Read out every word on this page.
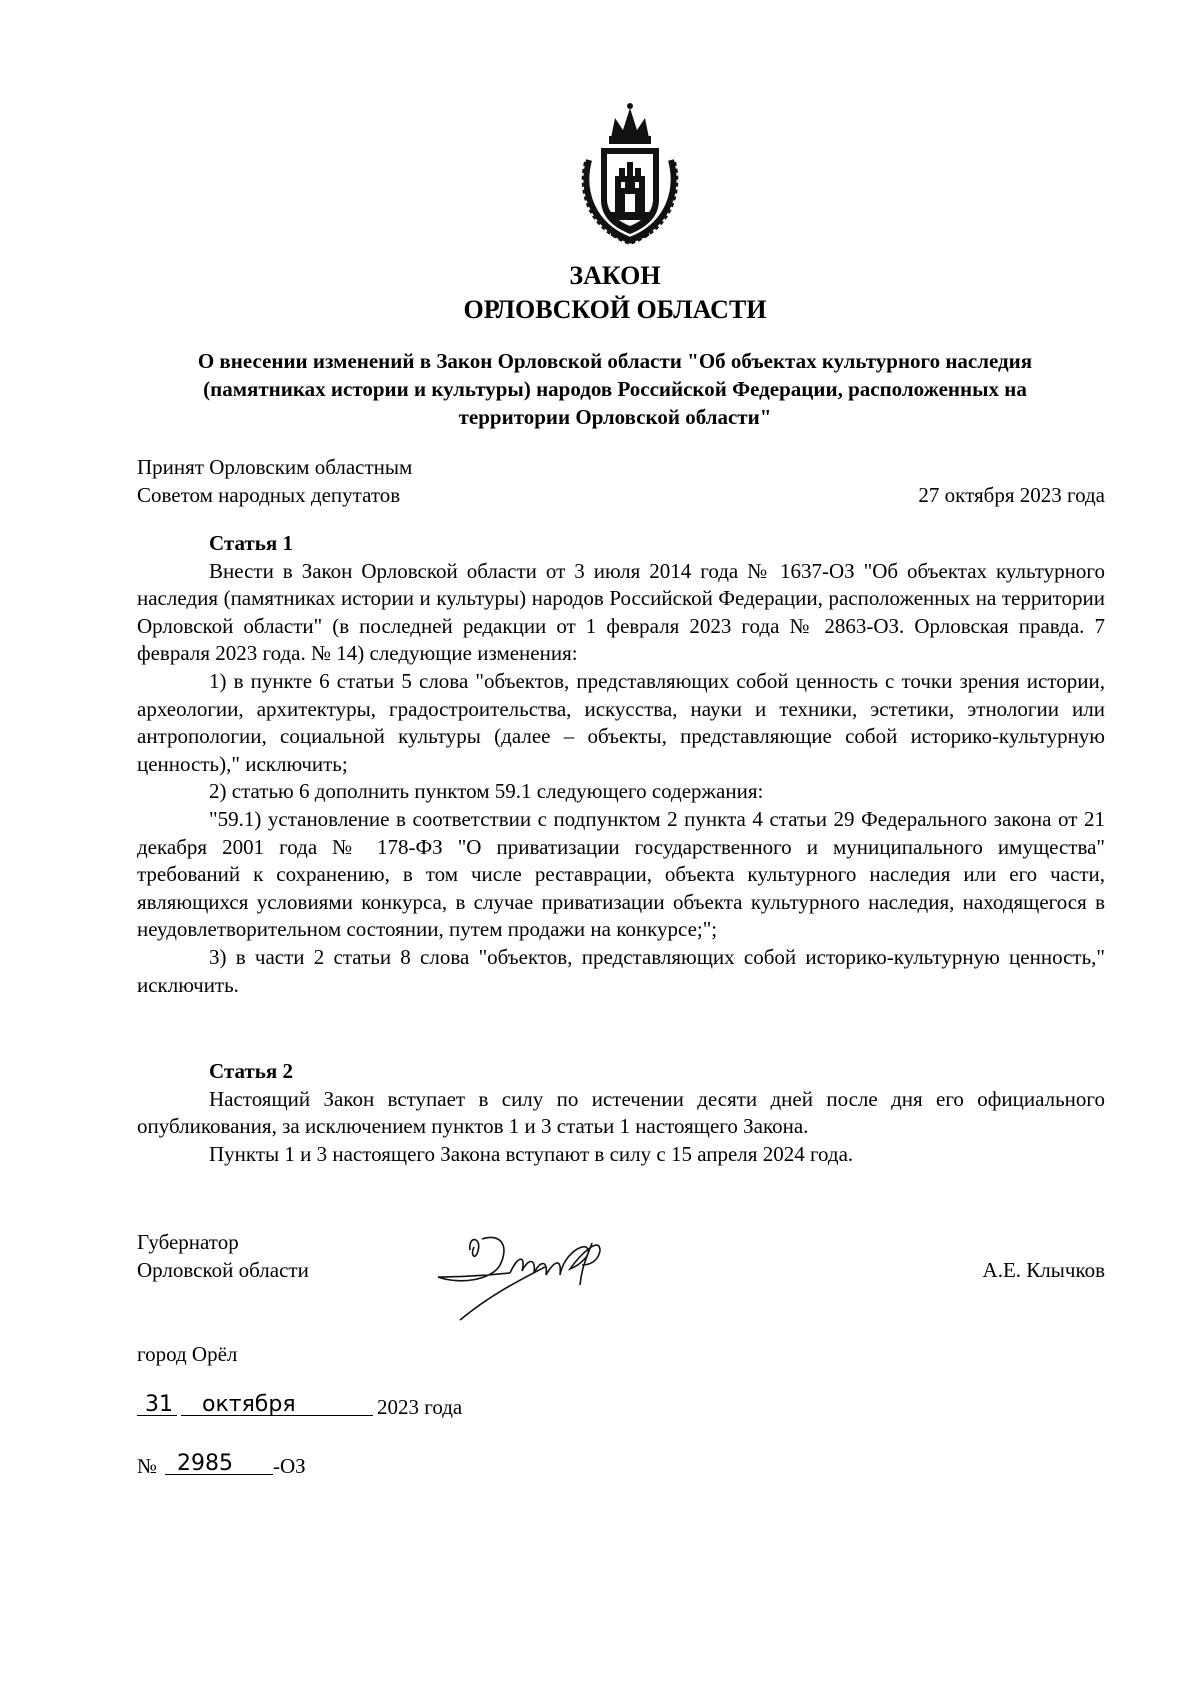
ЗАКОН
ОРЛОВСКОЙ ОБЛАСТИ
О внесении изменений в Закон Орловской области "Об объектах культурного наследия
(памятниках истории и культуры) народов Российской Федерации, расположенных на
территории Орловской области"
Принят Орловским областным
Советом народных депутатов	27 октября 2023 года
Статья 1

Внести в Закон Орловской области от 3 июля 2014 года № 1637-ОЗ "Об объектах культурного наследия (памятниках истории и культуры) народов Российской Федерации, расположенных на территории Орловской области" (в последней редакции от 1 февраля 2023 года № 2863-ОЗ. Орловская правда. 7 февраля 2023 года. № 14) следующие изменения:

1) в пункте 6 статьи 5 слова "объектов, представляющих собой ценность с точки зрения истории, археологии, архитектуры, градостроительства, искусства, науки и техники, эстетики, этнологии или антропологии, социальной культуры (далее – объекты, представляющие собой историко-культурную ценность)," исключить;

2) статью 6 дополнить пунктом 59.1 следующего содержания:

"59.1) установление в соответствии с подпунктом 2 пункта 4 статьи 29 Федерального закона от 21 декабря 2001 года № 178-ФЗ "О приватизации государственного и муниципального имущества" требований к сохранению, в том числе реставрации, объекта культурного наследия или его части, являющихся условиями конкурса, в случае приватизации объекта культурного наследия, находящегося в неудовлетворительном состоянии, путем продажи на конкурсе;";

3) в части 2 статьи 8 слова "объектов, представляющих собой историко-культурную ценность," исключить.

Статья 2

Настоящий Закон вступает в силу по истечении десяти дней после дня его официального опубликования, за исключением пунктов 1 и 3 статьи 1 настоящего Закона.

Пункты 1 и 3 настоящего Закона вступают в силу с 15 апреля 2024 года.

Губернатор
Орловской области	А.Е. Клычков
город Орёл
31 октября	2023 года
№ 2985 -ОЗ
